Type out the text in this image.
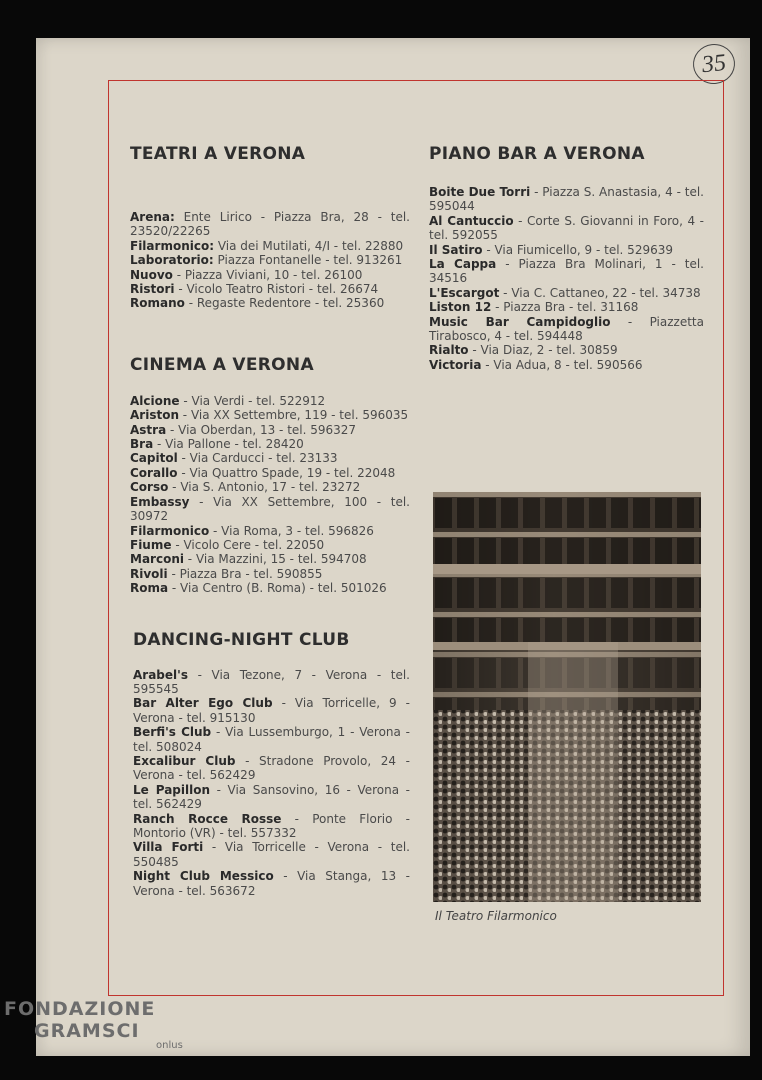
35
TEATRI A VERONA
Arena: Ente Lirico - Piazza Bra, 28 - tel. 23520/22265
Filarmonico: Via dei Mutilati, 4/I - tel. 22880
Laboratorio: Piazza Fontanelle - tel. 913261
Nuovo - Piazza Viviani, 10 - tel. 26100
Ristori - Vicolo Teatro Ristori - tel. 26674
Romano - Regaste Redentore - tel. 25360
CINEMA A VERONA
Alcione - Via Verdi - tel. 522912
Ariston - Via XX Settembre, 119 - tel. 596035
Astra - Via Oberdan, 13 - tel. 596327
Bra - Via Pallone - tel. 28420
Capitol - Via Carducci - tel. 23133
Corallo - Via Quattro Spade, 19 - tel. 22048
Corso - Via S. Antonio, 17 - tel. 23272
Embassy - Via XX Settembre, 100 - tel. 30972
Filarmonico - Via Roma, 3 - tel. 596826
Fiume - Vicolo Cere - tel. 22050
Marconi - Via Mazzini, 15 - tel. 594708
Rivoli - Piazza Bra - tel. 590855
Roma - Via Centro (B. Roma) - tel. 501026
DANCING-NIGHT CLUB
Arabel's - Via Tezone, 7 - Verona - tel. 595545
Bar Alter Ego Club - Via Torricelle, 9 - Verona - tel. 915130
Berfi's Club - Via Lussemburgo, 1 - Verona - tel. 508024
Excalibur Club - Stradone Provolo, 24 - Verona - tel. 562429
Le Papillon - Via Sansovino, 16 - Verona - tel. 562429
Ranch Rocce Rosse - Ponte Florio - Montorio (VR) - tel. 557332
Villa Forti - Via Torricelle - Verona - tel. 550485
Night Club Messico - Via Stanga, 13 - Verona - tel. 563672
PIANO BAR A VERONA
Boite Due Torri - Piazza S. Anastasia, 4 - tel. 595044
Al Cantuccio - Corte S. Giovanni in Foro, 4 - tel. 592055
Il Satiro - Via Fiumicello, 9 - tel. 529639
La Cappa - Piazza Bra Molinari, 1 - tel. 34516
L'Escargot - Via C. Cattaneo, 22 - tel. 34738
Liston 12 - Piazza Bra - tel. 31168
Music Bar Campidoglio - Piazzetta Tirabosco, 4 - tel. 594448
Rialto - Via Diaz, 2 - tel. 30859
Victoria - Via Adua, 8 - tel. 590566
Il Teatro Filarmonico
FONDAZIONE
GRAMSCI
onlus
